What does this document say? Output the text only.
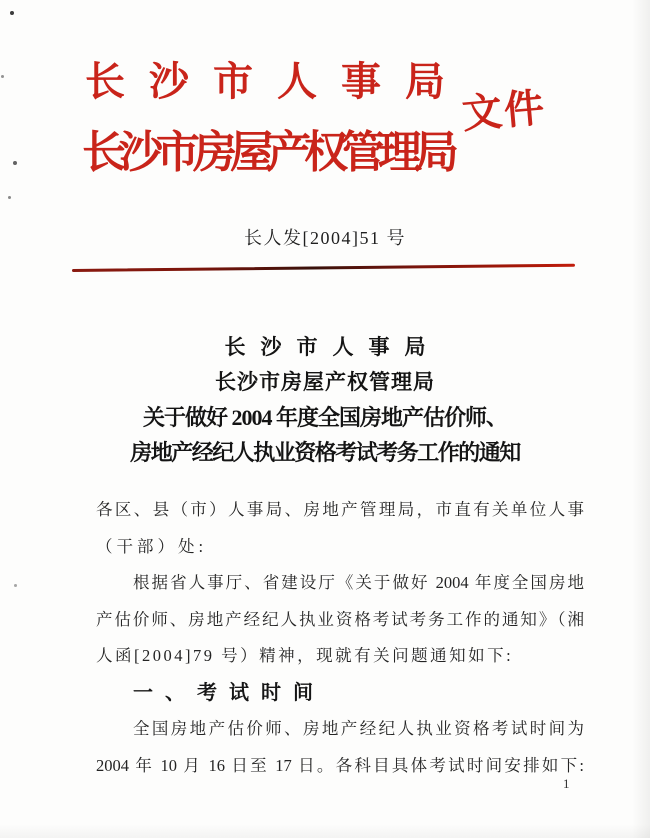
长沙市人事局
长沙市房屋产权管理局
文件
长人发[2004]51 号
长沙市人事局
长沙市房屋产权管理局
关于做好 2004 年度全国房地产估价师、
房地产经纪人执业资格考试考务工作的通知
各区、县（市）人事局、房地产管理局，市直有关单位人事
（干部）处:
根据省人事厅、省建设厅《关于做好 2004 年度全国房地
产估价师、房地产经纪人执业资格考试考务工作的通知》（湘
人函[2004]79 号）精神，现就有关问题通知如下:
一、考试时间
全国房地产估价师、房地产经纪人执业资格考试时间为
2004 年 10 月 16 日至 17 日。各科目具体考试时间安排如下:
1
